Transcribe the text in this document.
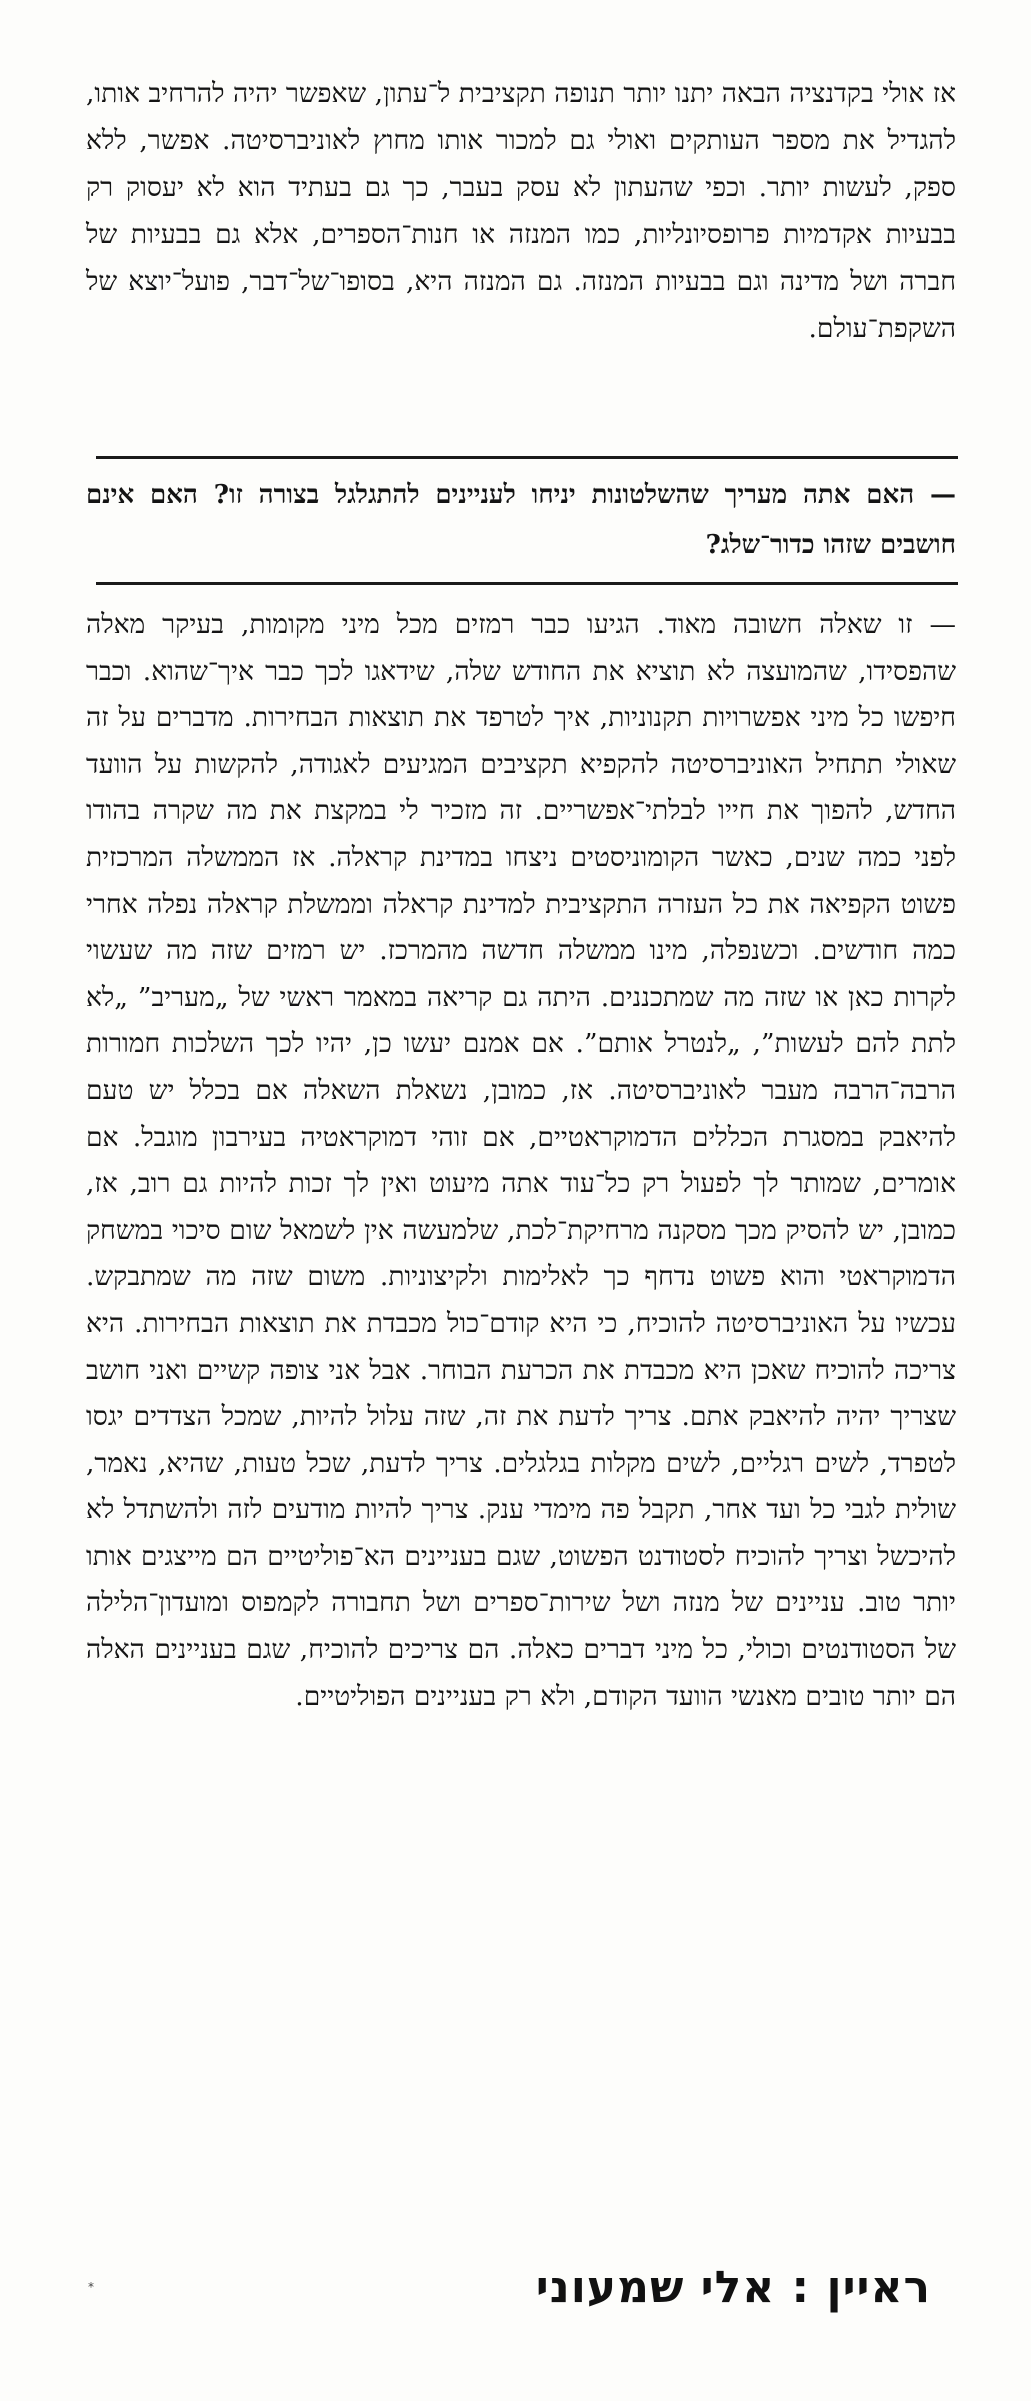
אז אולי בקדנציה הבאה יתנו יותר תנופה תקציבית ל־עתון, שאפשר יהיה להרחיב אותו, להגדיל את מספר העותקים ואולי גם למכור אותו מחוץ לאוניברסיטה. אפשר, ללא ספק, לעשות יותר. וכפי שהעתון לא עסק בעבר, כך גם בעתיד הוא לא יעסוק רק בבעיות אקדמיות פרופסיונליות, כמו המנזה או חנות־הספרים, אלא גם בבעיות של חברה ושל מדינה וגם בבעיות המנזה. גם המנזה היא, בסופו־של־דבר, פועל־יוצא של השקפת־עולם.
— האם אתה מעריך שהשלטונות יניחו לעניינים להתגלגל בצורה זו? האם אינם חושבים שזהו כדור־שלג?
— זו שאלה חשובה מאוד. הגיעו כבר רמזים מכל מיני מקומות, בעיקר מאלה שהפסידו, שהמועצה לא תוציא את החודש שלה, שידאגו לכך כבר איך־שהוא. וכבר חיפשו כל מיני אפשרויות תקנוניות, איך לטרפד את תוצאות הבחירות. מדברים על זה שאולי תתחיל האוניברסיטה להקפיא תקציבים המגיעים לאגודה, להקשות על הוועד החדש, להפוך את חייו לבלתי־אפשריים. זה מזכיר לי במקצת את מה שקרה בהודו לפני כמה שנים, כאשר הקומוניסטים ניצחו במדינת קראלה. אז הממשלה המרכזית פשוט הקפיאה את כל העזרה התקציבית למדינת קראלה וממשלת קראלה נפלה אחרי כמה חודשים. וכשנפלה, מינו ממשלה חדשה מהמרכז. יש רמזים שזה מה שעשוי לקרות כאן או שזה מה שמתכננים. היתה גם קריאה במאמר ראשי של „מעריב” „לא לתת להם לעשות”, „לנטרל אותם”. אם אמנם יעשו כן, יהיו לכך השלכות חמורות הרבה־הרבה מעבר לאוניברסיטה. אז, כמובן, נשאלת השאלה אם בכלל יש טעם להיאבק במסגרת הכללים הדמוקראטיים, אם זוהי דמוקראטיה בעירבון מוגבל. אם אומרים, שמותר לך לפעול רק כל־עוד אתה מיעוט ואין לך זכות להיות גם רוב, אז, כמובן, יש להסיק מכך מסקנה מרחיקת־לכת, שלמעשה אין לשמאל שום סיכוי במשחק הדמוקראטי והוא פשוט נדחף כך לאלימות ולקיצוניות. משום שזה מה שמתבקש. עכשיו על האוניברסיטה להוכיח, כי היא קודם־כול מכבדת את תוצאות הבחירות. היא צריכה להוכיח שאכן היא מכבדת את הכרעת הבוחר. אבל אני צופה קשיים ואני חושב שצריך יהיה להיאבק אתם. צריך לדעת את זה, שזה עלול להיות, שמכל הצדדים יגסו לטפרד, לשים רגליים, לשים מקלות בגלגלים. צריך לדעת, שכל טעות, שהיא, נאמר, שולית לגבי כל ועד אחר, תקבל פה מימדי ענק. צריך להיות מודעים לזה ולהשתדל לא להיכשל וצריך להוכיח לסטודנט הפשוט, שגם בעניינים הא־פוליטיים הם מייצגים אותו יותר טוב. עניינים של מנזה ושל שירות־ספרים ושל תחבורה לקמפוס ומועדון־הלילה של הסטודנטים וכולי, כל מיני דברים כאלה. הם צריכים להוכיח, שגם בעניינים האלה הם יותר טובים מאנשי הוועד הקודם, ולא רק בעניינים הפוליטיים.
ראיין : אלי שמעוני
*
